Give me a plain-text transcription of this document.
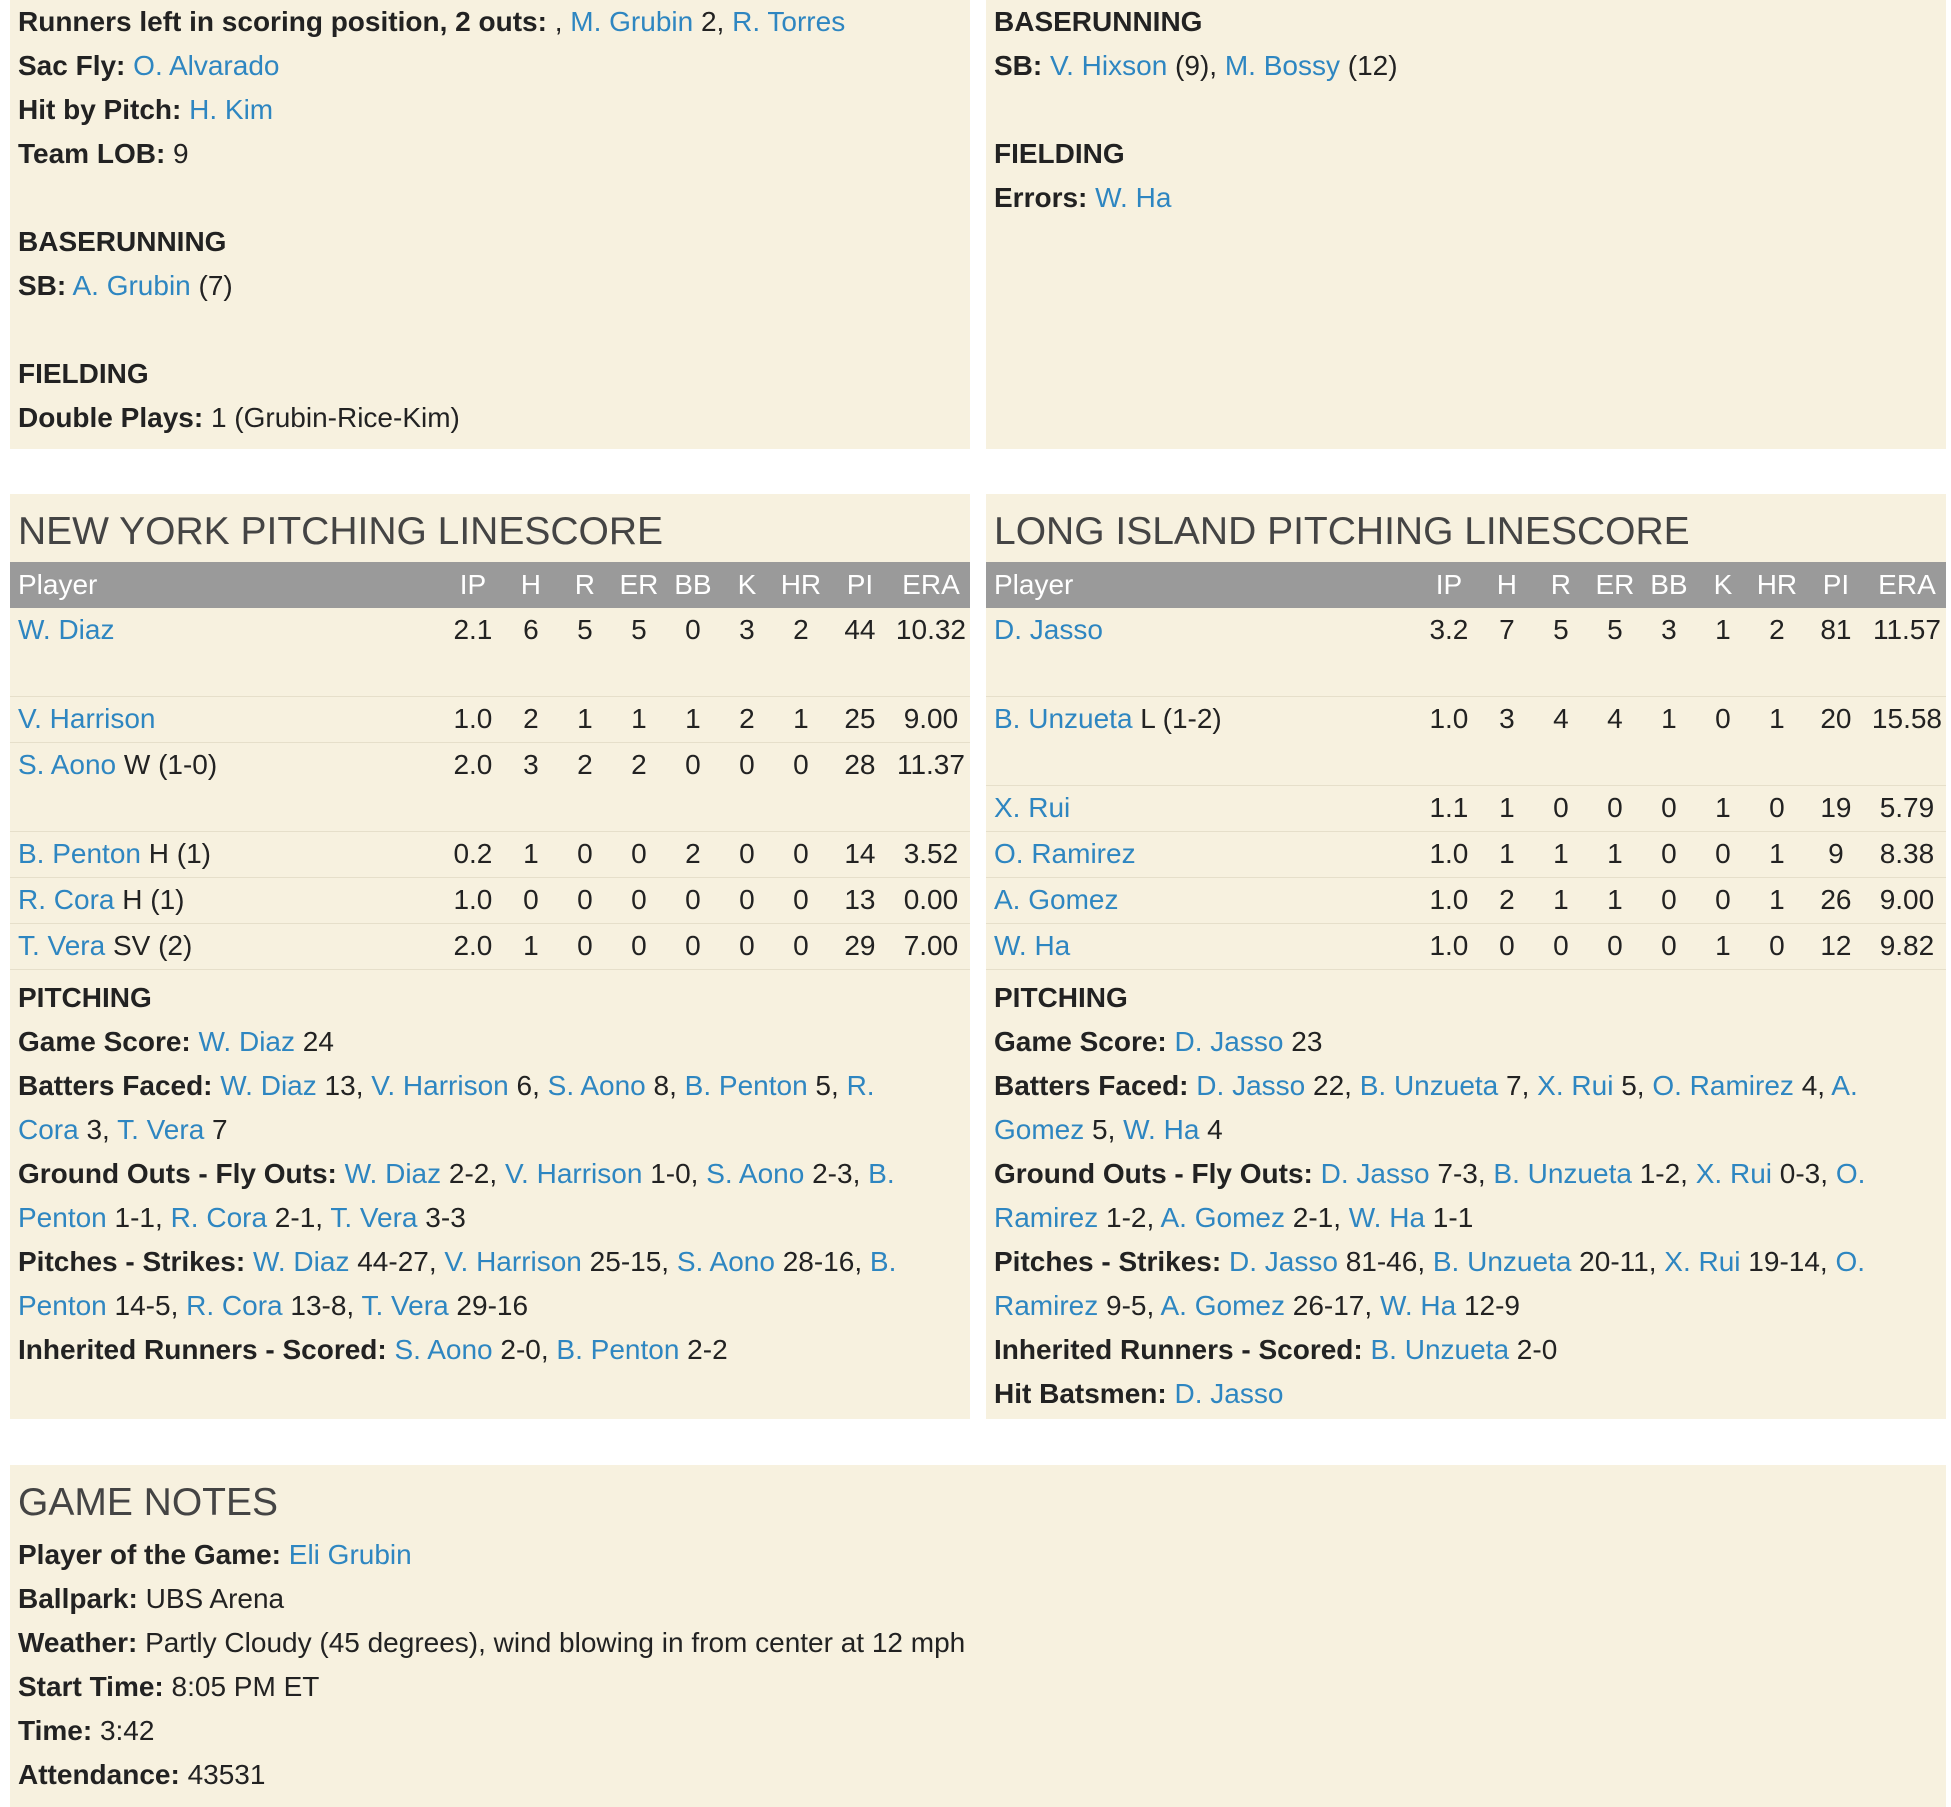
Runners left in scoring position, 2 outs: , M. Grubin 2, R. Torres
Sac Fly: O. Alvarado
Hit by Pitch: H. Kim
Team LOB: 9
BASERUNNING
SB: A. Grubin (7)
FIELDING
Double Plays: 1 (Grubin-Rice-Kim)
BASERUNNING
SB: V. Hixson (9), M. Bossy (12)
FIELDING
Errors: W. Ha
NEW YORK PITCHING LINESCORE
Player	IP	H	R	ER	BB	K	HR	PI	ERA
W. Diaz	2.1	6	5	5	0	3	2	44	10.32
V. Harrison	1.0	2	1	1	1	2	1	25	9.00
S. Aono W (1-0)	2.0	3	2	2	0	0	0	28	11.37
B. Penton H (1)	0.2	1	0	0	2	0	0	14	3.52
R. Cora H (1)	1.0	0	0	0	0	0	0	13	0.00
T. Vera SV (2)	2.0	1	0	0	0	0	0	29	7.00
PITCHING
Game Score: W. Diaz 24
Batters Faced: W. Diaz 13, V. Harrison 6, S. Aono 8, B. Penton 5, R. Cora 3, T. Vera 7
Ground Outs - Fly Outs: W. Diaz 2-2, V. Harrison 1-0, S. Aono 2-3, B. Penton 1-1, R. Cora 2-1, T. Vera 3-3
Pitches - Strikes: W. Diaz 44-27, V. Harrison 25-15, S. Aono 28-16, B. Penton 14-5, R. Cora 13-8, T. Vera 29-16
Inherited Runners - Scored: S. Aono 2-0, B. Penton 2-2
LONG ISLAND PITCHING LINESCORE
Player	IP	H	R	ER	BB	K	HR	PI	ERA
D. Jasso	3.2	7	5	5	3	1	2	81	11.57
B. Unzueta L (1-2)	1.0	3	4	4	1	0	1	20	15.58
X. Rui	1.1	1	0	0	0	1	0	19	5.79
O. Ramirez	1.0	1	1	1	0	0	1	9	8.38
A. Gomez	1.0	2	1	1	0	0	1	26	9.00
W. Ha	1.0	0	0	0	0	1	0	12	9.82
PITCHING
Game Score: D. Jasso 23
Batters Faced: D. Jasso 22, B. Unzueta 7, X. Rui 5, O. Ramirez 4, A. Gomez 5, W. Ha 4
Ground Outs - Fly Outs: D. Jasso 7-3, B. Unzueta 1-2, X. Rui 0-3, O. Ramirez 1-2, A. Gomez 2-1, W. Ha 1-1
Pitches - Strikes: D. Jasso 81-46, B. Unzueta 20-11, X. Rui 19-14, O. Ramirez 9-5, A. Gomez 26-17, W. Ha 12-9
Inherited Runners - Scored: B. Unzueta 2-0
Hit Batsmen: D. Jasso
GAME NOTES
Player of the Game: Eli Grubin
Ballpark: UBS Arena
Weather: Partly Cloudy (45 degrees), wind blowing in from center at 12 mph
Start Time: 8:05 PM ET
Time: 3:42
Attendance: 43531
